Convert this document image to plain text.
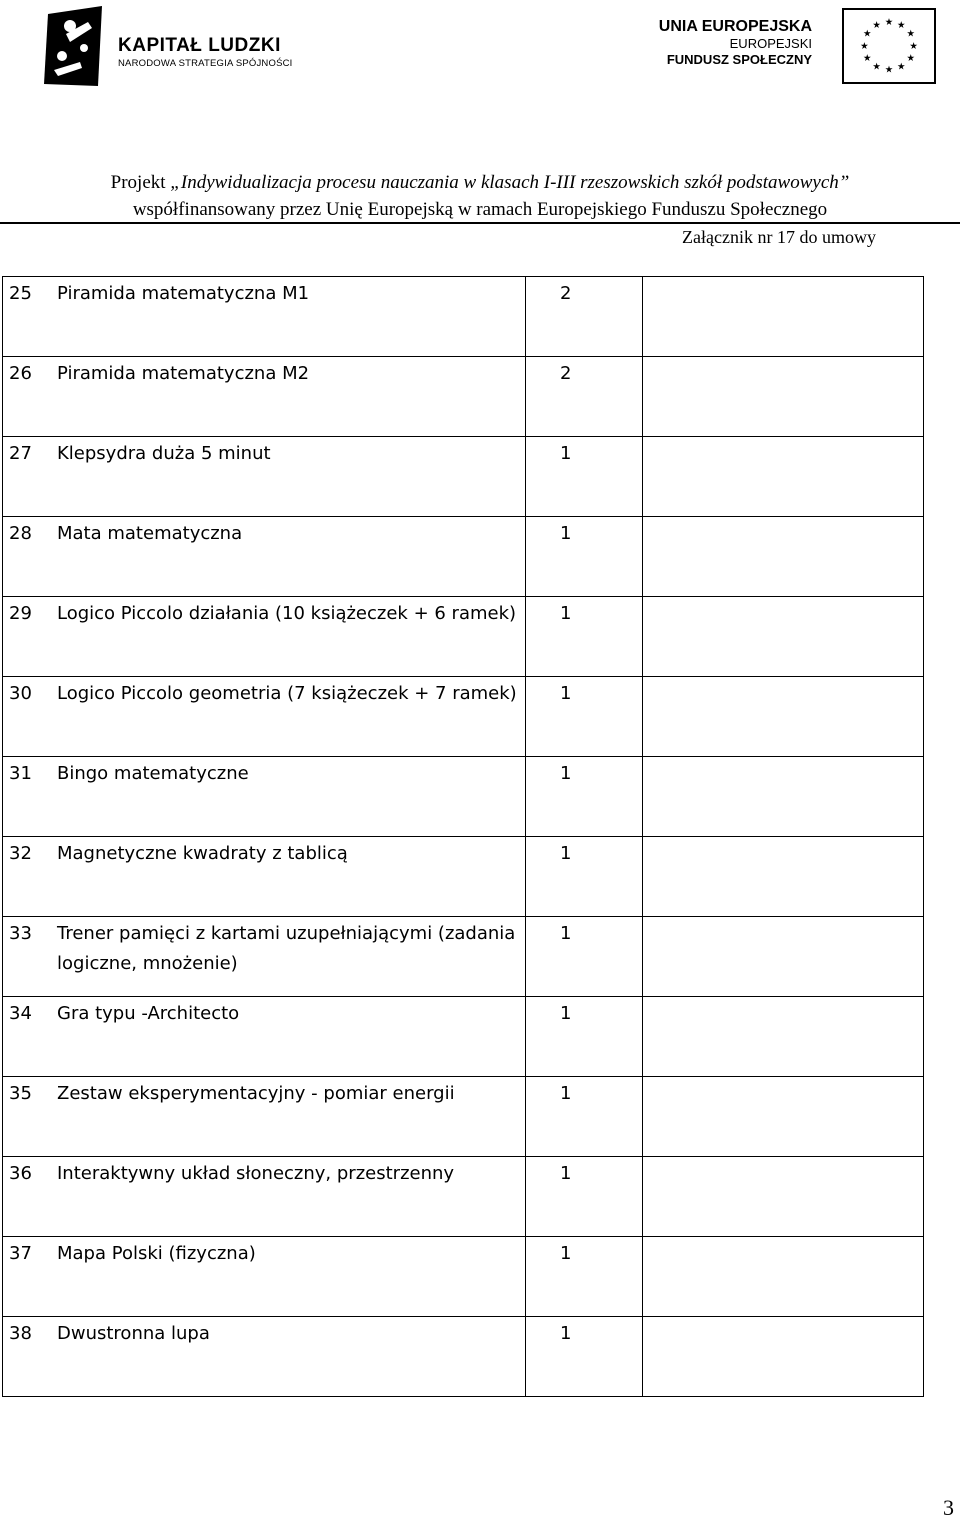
KAPITAŁ LUDZKI
NARODOWA STRATEGIA SPÓJNOŚCI
UNIA EUROPEJSKA
EUROPEJSKI
FUNDUSZ SPOŁECZNY
★ ★
★
★
★
★
★
★
★
★
★
★
Projekt „Indywidualizacja procesu nauczania w klasach I-III rzeszowskich szkół podstawowych”
współfinansowany przez Unię Europejską w ramach Europejskiego Funduszu Społecznego
Załącznik nr 17 do umowy
25	Piramida matematyczna M1	2	
26	Piramida matematyczna M2	2	
27	Klepsydra duża 5 minut	1	
28	Mata matematyczna	1	
29	Logico Piccolo działania (10 książeczek + 6 ramek)	1	
30	Logico Piccolo geometria (7 książeczek + 7 ramek)	1	
31	Bingo matematyczne	1	
32	Magnetyczne kwadraty z tablicą	1	
33	Trener pamięci z kartami uzupełniającymi (zadania logiczne, mnożenie)	1	
34	Gra typu -Architecto	1	
35	Zestaw eksperymentacyjny - pomiar energii	1	
36	Interaktywny układ słoneczny, przestrzenny	1	
37	Mapa Polski (fizyczna)	1	
38	Dwustronna lupa	1	
3
